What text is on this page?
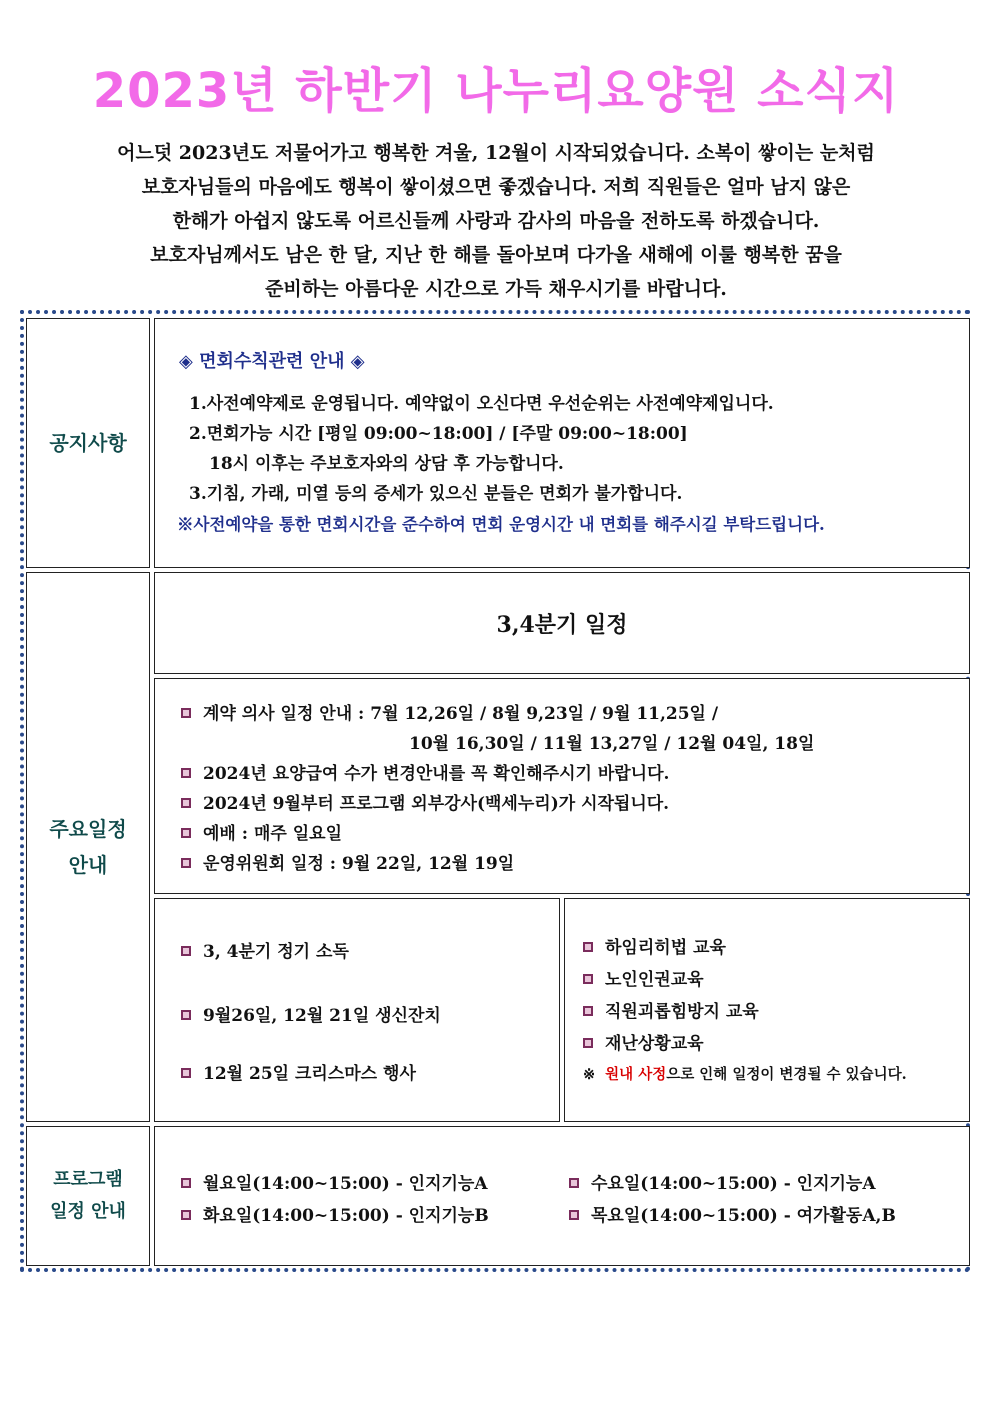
2023년 하반기 나누리요양원 소식지
어느덧 2023년도 저물어가고 행복한 겨울, 12월이 시작되었습니다. 소복이 쌓이는 눈처럼
보호자님들의 마음에도 행복이 쌓이셨으면 좋겠습니다. 저희 직원들은 얼마 남지 않은
한해가 아쉽지 않도록 어르신들께 사랑과 감사의 마음을 전하도록 하겠습니다.
보호자님께서도 남은 한 달, 지난 한 해를 돌아보며 다가올 새해에 이룰 행복한 꿈을
준비하는 아름다운 시간으로 가득 채우시기를 바랍니다.
공지사항
◈ 면회수칙관련 안내 ◈
1.사전예약제로 운영됩니다. 예약없이 오신다면 우선순위는 사전예약제입니다.
2.면회가능 시간 [평일 09:00~18:00] / [주말 09:00~18:00]
18시 이후는 주보호자와의 상담 후 가능합니다.
3.기침, 가래, 미열 등의 증세가 있으신 분들은 면회가 불가합니다.
※사전예약을 통한 면회시간을 준수하여 면회 운영시간 내 면회를 해주시길 부탁드립니다.
주요일정
안내
3,4분기 일정
계약 의사 일정 안내 : 7월 12,26일 / 8월 9,23일 / 9월 11,25일 /
10월 16,30일 / 11월 13,27일 / 12월 04일, 18일
2024년 요양급여 수가 변경안내를 꼭 확인해주시기 바랍니다.
2024년 9월부터 프로그램 외부강사(백세누리)가 시작됩니다.
예배 : 매주 일요일
운영위원회 일정 : 9월 22일, 12월 19일
3, 4분기 정기 소독
9월26일, 12월 21일 생신잔치
12월 25일 크리스마스 행사
하임리히법 교육
노인인권교육
직원괴롭힘방지 교육
재난상황교육
※ 원내 사정으로 인해 일정이 변경될 수 있습니다.
프로그램
일정 안내
월요일(14:00~15:00) - 인지기능A
화요일(14:00~15:00) - 인지기능B
수요일(14:00~15:00) - 인지기능A
목요일(14:00~15:00) - 여가활동A,B
